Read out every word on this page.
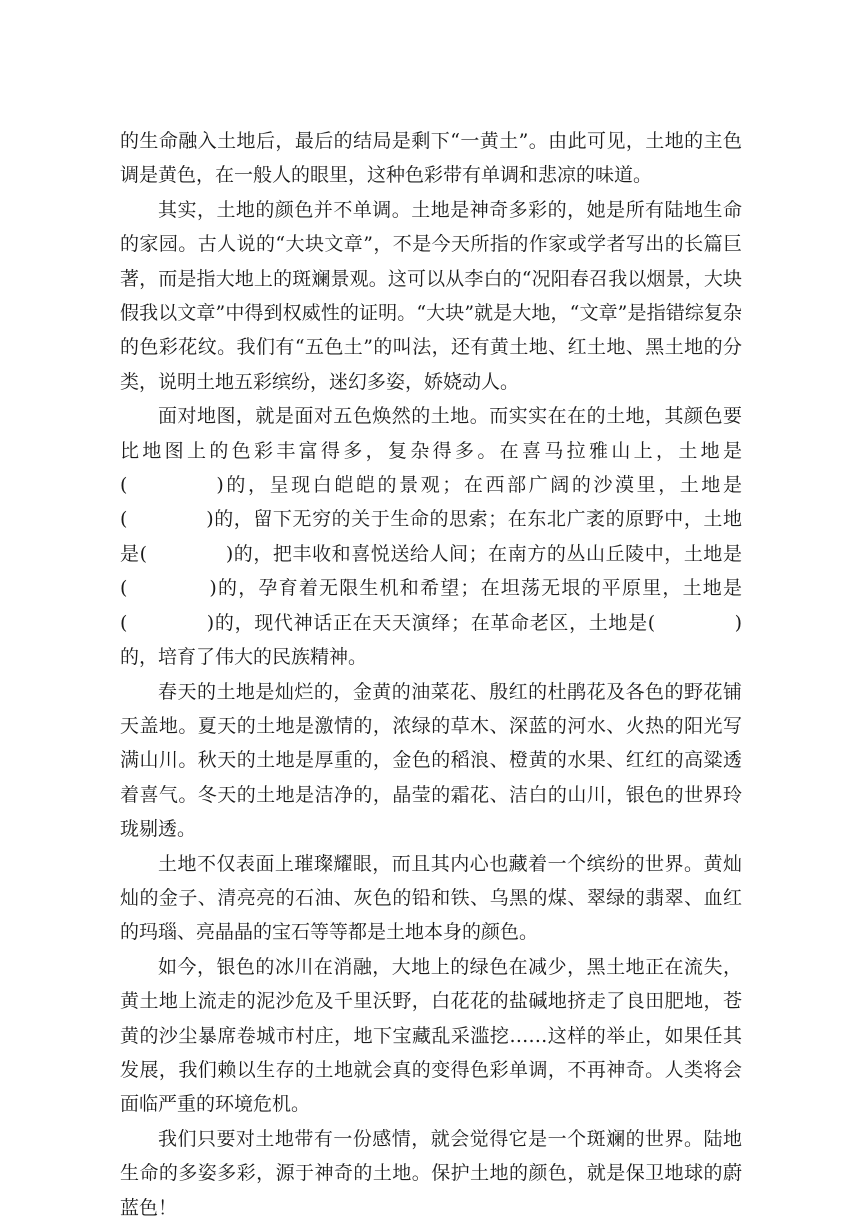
的生命融入土地后，最后的结局是剩下“一黄土”。由此可见，土地的主色调是黄色，在一般人的眼里，这种色彩带有单调和悲凉的味道。

其实，土地的颜色并不单调。土地是神奇多彩的，她是所有陆地生命的家园。古人说的“大块文章”，不是今天所指的作家或学者写出的长篇巨著，而是指大地上的斑斓景观。这可以从李白的“况阳春召我以烟景，大块假我以文章”中得到权威性的证明。“大块”就是大地，“文章”是指错综复杂的色彩花纹。我们有“五色土”的叫法，还有黄土地、红土地、黑土地的分类，说明土地五彩缤纷，迷幻多姿，娇娆动人。

面对地图，就是面对五色焕然的土地。而实实在在的土地，其颜色要比地图上的色彩丰富得多，复杂得多。在喜马拉雅山上，土地是(　　　　)的，呈现白皑皑的景观；在西部广阔的沙漠里，土地是(　　　　)的，留下无穷的关于生命的思索；在东北广袤的原野中，土地是(　　　　)的，把丰收和喜悦送给人间；在南方的丛山丘陵中，土地是(　　　　)的，孕育着无限生机和希望；在坦荡无垠的平原里，土地是(　　　　)的，现代神话正在天天演绎；在革命老区，土地是(　　　　)的，培育了伟大的民族精神。

春天的土地是灿烂的，金黄的油菜花、殷红的杜鹃花及各色的野花铺天盖地。夏天的土地是激情的，浓绿的草木、深蓝的河水、火热的阳光写满山川。秋天的土地是厚重的，金色的稻浪、橙黄的水果、红红的高粱透着喜气。冬天的土地是洁净的，晶莹的霜花、洁白的山川，银色的世界玲珑剔透。

土地不仅表面上璀璨耀眼，而且其内心也藏着一个缤纷的世界。黄灿灿的金子、清亮亮的石油、灰色的铅和铁、乌黑的煤、翠绿的翡翠、血红的玛瑙、亮晶晶的宝石等等都是土地本身的颜色。

如今，银色的冰川在消融，大地上的绿色在减少，黑土地正在流失，黄土地上流走的泥沙危及千里沃野，白花花的盐碱地挤走了良田肥地，苍黄的沙尘暴席卷城市村庄，地下宝藏乱采滥挖……这样的举止，如果任其发展，我们赖以生存的土地就会真的变得色彩单调，不再神奇。人类将会面临严重的环境危机。

我们只要对土地带有一份感情，就会觉得它是一个斑斓的世界。陆地生命的多姿多彩，源于神奇的土地。保护土地的颜色，就是保卫地球的蔚蓝色！
